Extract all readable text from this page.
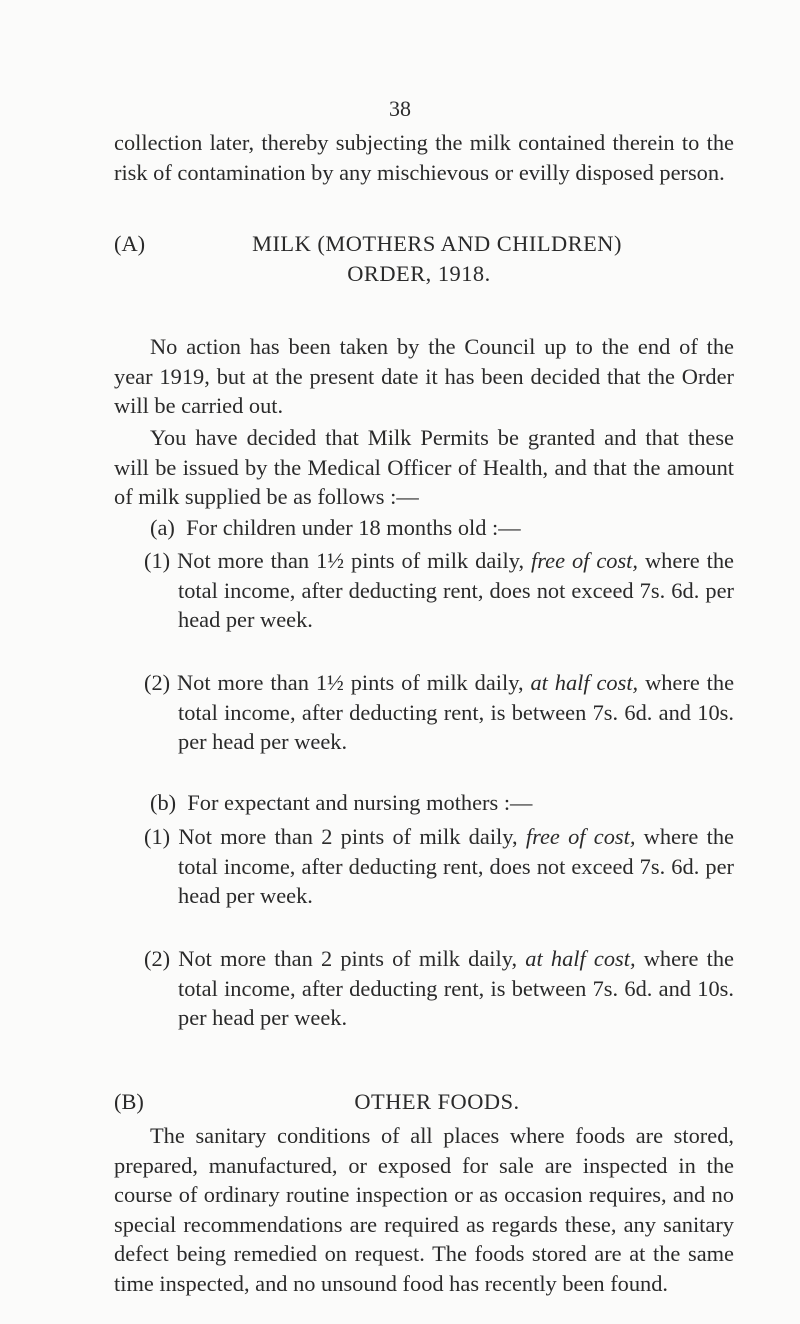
38

collection later, thereby subjecting the milk contained therein to the risk of contamination by any mischievous or evilly disposed person.

(A)	MILK (MOTHERS AND CHILDREN)
ORDER, 1918.

No action has been taken by the Council up to the end of the year 1919, but at the present date it has been decided that the Order will be carried out.

You have decided that Milk Permits be granted and that these will be issued by the Medical Officer of Health, and that the amount of milk supplied be as follows :—

(a) For children under 18 months old :—

(1) Not more than 1½ pints of milk daily, free of cost, where the total income, after deducting rent, does not exceed 7s. 6d. per head per week.

(2) Not more than 1½ pints of milk daily, at half cost, where the total income, after deducting rent, is between 7s. 6d. and 10s. per head per week.

(b) For expectant and nursing mothers :—

(1) Not more than 2 pints of milk daily, free of cost, where the total income, after deducting rent, does not exceed 7s. 6d. per head per week.

(2) Not more than 2 pints of milk daily, at half cost, where the total income, after deducting rent, is between 7s. 6d. and 10s. per head per week.

(B)	OTHER FOODS.

The sanitary conditions of all places where foods are stored, prepared, manufactured, or exposed for sale are inspected in the course of ordinary routine inspection or as occasion requires, and no special recommendations are required as regards these, any sanitary defect being remedied on request. The foods stored are at the same time inspected, and no unsound food has recently been found.
